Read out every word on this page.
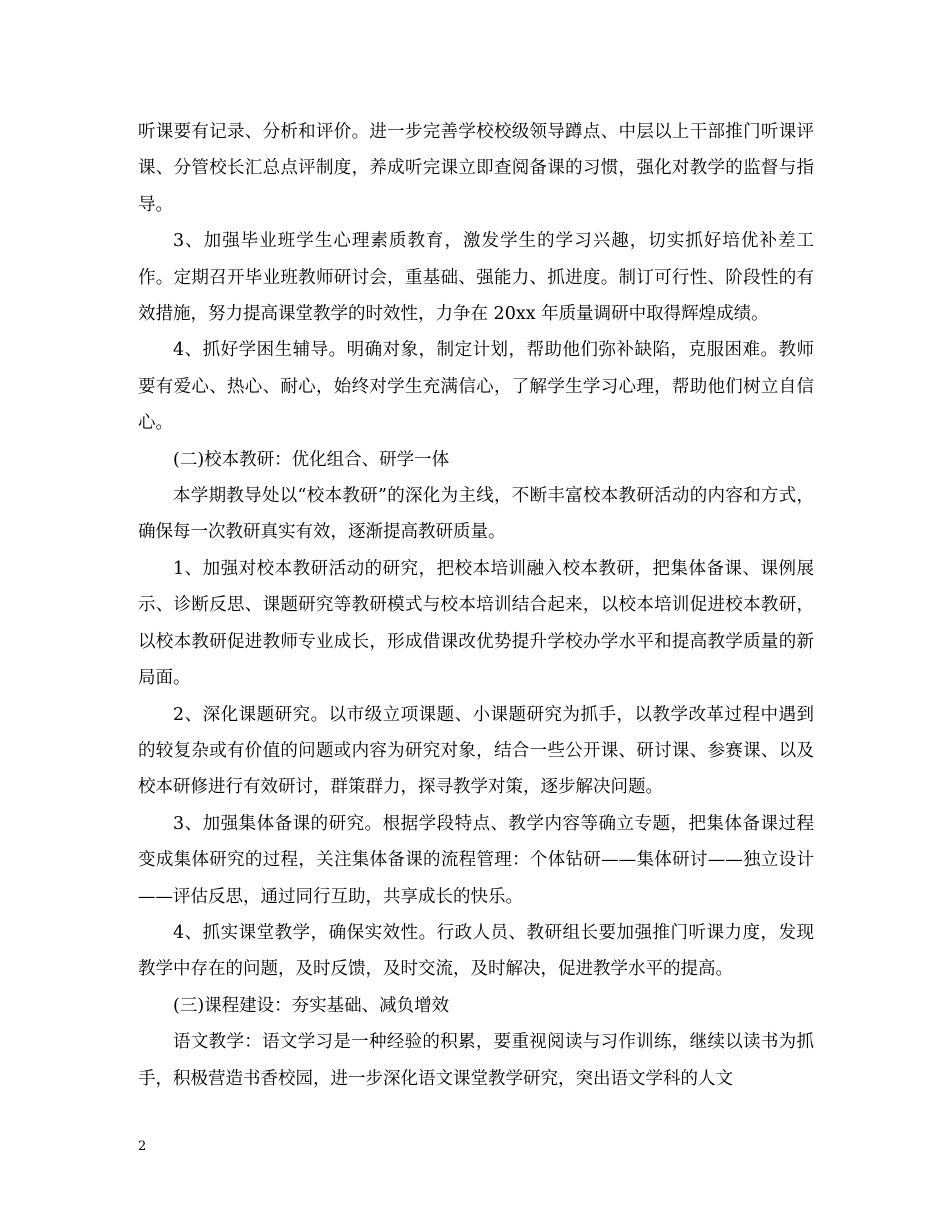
听课要有记录、分析和评价。进一步完善学校校级领导蹲点、中层以上干部推门听课评课、分管校长汇总点评制度，养成听完课立即查阅备课的习惯，强化对教学的监督与指导。

3、加强毕业班学生心理素质教育，激发学生的学习兴趣，切实抓好培优补差工作。定期召开毕业班教师研讨会，重基础、强能力、抓进度。制订可行性、阶段性的有效措施，努力提高课堂教学的时效性，力争在 20xx 年质量调研中取得辉煌成绩。

4、抓好学困生辅导。明确对象，制定计划，帮助他们弥补缺陷，克服困难。教师要有爱心、热心、耐心，始终对学生充满信心，了解学生学习心理，帮助他们树立自信心。

(二)校本教研：优化组合、研学一体

本学期教导处以“校本教研”的深化为主线，不断丰富校本教研活动的内容和方式，确保每一次教研真实有效，逐渐提高教研质量。

1、加强对校本教研活动的研究，把校本培训融入校本教研，把集体备课、课例展示、诊断反思、课题研究等教研模式与校本培训结合起来，以校本培训促进校本教研，以校本教研促进教师专业成长，形成借课改优势提升学校办学水平和提高教学质量的新局面。

2、深化课题研究。以市级立项课题、小课题研究为抓手，以教学改革过程中遇到的较复杂或有价值的问题或内容为研究对象，结合一些公开课、研讨课、参赛课、以及校本研修进行有效研讨，群策群力，探寻教学对策，逐步解决问题。

3、加强集体备课的研究。根据学段特点、教学内容等确立专题，把集体备课过程变成集体研究的过程，关注集体备课的流程管理：个体钻研——集体研讨——独立设计——评估反思，通过同行互助，共享成长的快乐。

4、抓实课堂教学，确保实效性。行政人员、教研组长要加强推门听课力度，发现教学中存在的问题，及时反馈，及时交流，及时解决，促进教学水平的提高。

(三)课程建设：夯实基础、减负增效

语文教学：语文学习是一种经验的积累，要重视阅读与习作训练，继续以读书为抓手，积极营造书香校园，进一步深化语文课堂教学研究，突出语文学科的人文

2
